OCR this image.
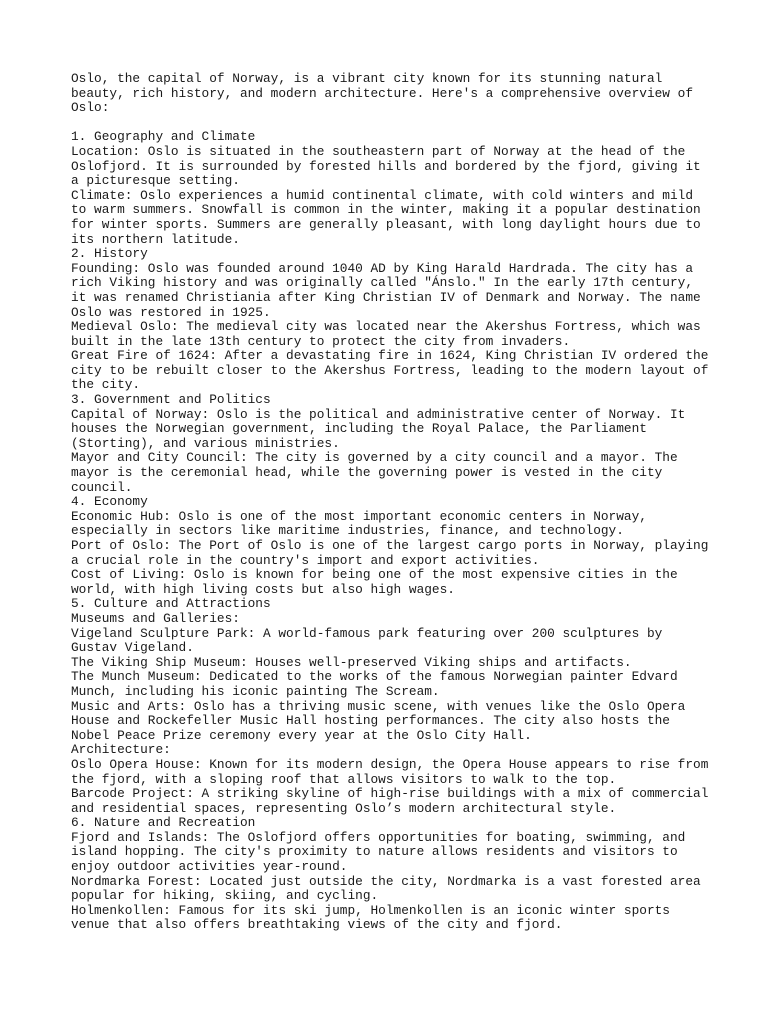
Oslo, the capital of Norway, is a vibrant city known for its stunning natural
beauty, rich history, and modern architecture. Here's a comprehensive overview of
Oslo:
1. Geography and Climate
Location: Oslo is situated in the southeastern part of Norway at the head of the
Oslofjord. It is surrounded by forested hills and bordered by the fjord, giving it
a picturesque setting.
Climate: Oslo experiences a humid continental climate, with cold winters and mild
to warm summers. Snowfall is common in the winter, making it a popular destination
for winter sports. Summers are generally pleasant, with long daylight hours due to
its northern latitude.
2. History
Founding: Oslo was founded around 1040 AD by King Harald Hardrada. The city has a
rich Viking history and was originally called "Ánslo." In the early 17th century,
it was renamed Christiania after King Christian IV of Denmark and Norway. The name
Oslo was restored in 1925.
Medieval Oslo: The medieval city was located near the Akershus Fortress, which was
built in the late 13th century to protect the city from invaders.
Great Fire of 1624: After a devastating fire in 1624, King Christian IV ordered the
city to be rebuilt closer to the Akershus Fortress, leading to the modern layout of
the city.
3. Government and Politics
Capital of Norway: Oslo is the political and administrative center of Norway. It
houses the Norwegian government, including the Royal Palace, the Parliament
(Storting), and various ministries.
Mayor and City Council: The city is governed by a city council and a mayor. The
mayor is the ceremonial head, while the governing power is vested in the city
council.
4. Economy
Economic Hub: Oslo is one of the most important economic centers in Norway,
especially in sectors like maritime industries, finance, and technology.
Port of Oslo: The Port of Oslo is one of the largest cargo ports in Norway, playing
a crucial role in the country's import and export activities.
Cost of Living: Oslo is known for being one of the most expensive cities in the
world, with high living costs but also high wages.
5. Culture and Attractions
Museums and Galleries:
Vigeland Sculpture Park: A world-famous park featuring over 200 sculptures by
Gustav Vigeland.
The Viking Ship Museum: Houses well-preserved Viking ships and artifacts.
The Munch Museum: Dedicated to the works of the famous Norwegian painter Edvard
Munch, including his iconic painting The Scream.
Music and Arts: Oslo has a thriving music scene, with venues like the Oslo Opera
House and Rockefeller Music Hall hosting performances. The city also hosts the
Nobel Peace Prize ceremony every year at the Oslo City Hall.
Architecture:
Oslo Opera House: Known for its modern design, the Opera House appears to rise from
the fjord, with a sloping roof that allows visitors to walk to the top.
Barcode Project: A striking skyline of high-rise buildings with a mix of commercial
and residential spaces, representing Oslo’s modern architectural style.
6. Nature and Recreation
Fjord and Islands: The Oslofjord offers opportunities for boating, swimming, and
island hopping. The city's proximity to nature allows residents and visitors to
enjoy outdoor activities year-round.
Nordmarka Forest: Located just outside the city, Nordmarka is a vast forested area
popular for hiking, skiing, and cycling.
Holmenkollen: Famous for its ski jump, Holmenkollen is an iconic winter sports
venue that also offers breathtaking views of the city and fjord.
